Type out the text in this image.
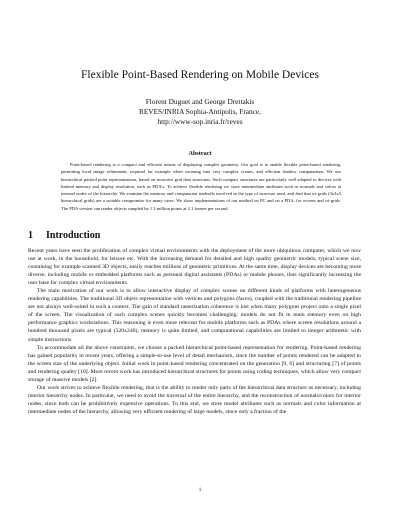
Flexible Point-Based Rendering on Mobile Devices
Florent Duguet and George Drettakis
REVES/INRIA Sophia-Antipolis, France,
http://www-sop.inria.fr/reves
Abstract
Point-based rendering is a compact and efficient means of displaying complex geometry. Our goal is to enable flexible point-based rendering, permitting local image refinement, required for example when zooming into very complex scenes, and efficient shadow computations. We use hierarchical packed point representations, based on recursive grid data structures. Such compact structures are particularly well adapted to devices with limited memory and display resolution, such as PDA's. To achieve flexible rendering we store intermediate attributes such as normals and colors at internal nodes of the hierarchy. We examine the memory and computation tradeoffs involved in the type of structure used, and find that tri-grids (3x3x3 hierarchical grids) are a suitable compromise for many cases. We show implementations of our method on PC and on a PDA, for octrees and tri-grids. The PDA version can render objects sampled by 1.3 million points at 2.1 frames per second.
1 Introduction

Recent years have seen the proliferation of complex virtual environments with the deployment of the more ubiquitous computer, which we now use at work, in the household, for leisure etc. With the increasing demand for detailed and high quality geometric models, typical scene size, containing for example scanned 3D objects, easily reaches millions of geometric primitives. At the same time, display devices are becoming more diverse, including mobile or embedded platforms such as personal digital assistants (PDAs) or mobile phones, thus significantly increasing the user base for complex virtual environments.

The main motivation of our work is to allow interactive display of complex scenes on different kinds of platforms with heterogeneous rendering capabilities. The traditional 3D object representation with vertices and polygons (faces), coupled with the traditional rendering pipeline are not always well-suited in such a context. The gain of standard rasterization coherence is lost when many polygons project onto a single pixel of the screen. The visualization of such complex scenes quickly becomes challenging: models do not fit in main memory even on high performance graphics workstations. This reasoning is even more relevant for mobile platforms such as PDAs where screen resolutions around a hundred thousand pixels are typical (320x240), memory is quite limited, and computational capabilities are limited to integer arithmetic with simple instructions.

To accommodate all the above constraints, we choose a packed hierarchical point-based representation for rendering. Point-based rendering has gained popularity in recent years, offering a simple-to-use level of detail mechanism, since the number of points rendered can be adapted to the screen size of the underlying object. Initial work in point-based rendering concentrated on the generation [9, 6] and structuring [7] of points and rendering quality [10]. More recent work has introduced hierarchical structures for points using coding techniques, which allow very compact storage of massive models [2].

Our work strives to achieve flexible rendering, that is the ability to render only parts of the hierarchical data structure as necessary, including interior hierarchy nodes. In particular, we need to avoid the traversal of the entire hierarchy, and the reconstruction of normals/colors for interior nodes, since both can be prohibitively expensive operations. To this end, we store model attributes such as normals and color information at intermediate nodes of the hierarchy, allowing very efficient rendering of large models, since only a fraction of the

1
